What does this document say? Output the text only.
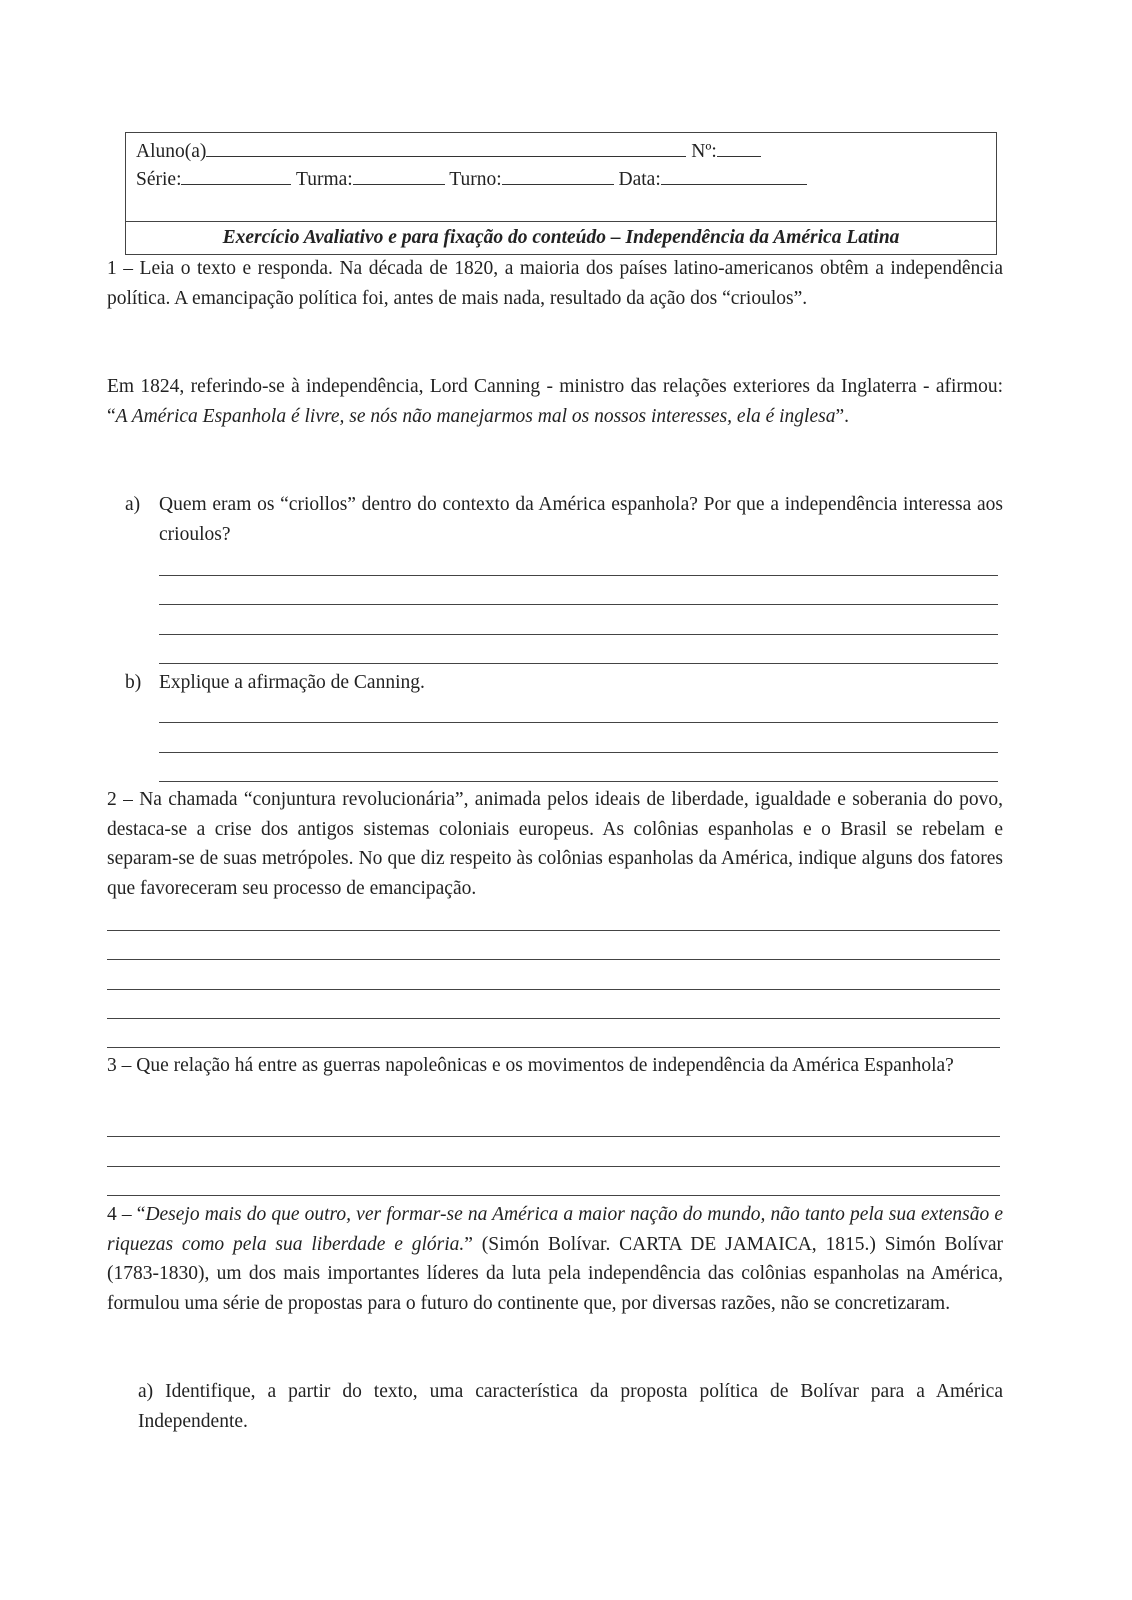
Aluno(a)	Nº:
Série:	Turma:	Turno:	Data:
Exercício Avaliativo e para fixação do conteúdo – Independência da América Latina
1 – Leia o texto e responda. Na década de 1820, a maioria dos países latino-americanos obtêm a independência política. A emancipação política foi, antes de mais nada, resultado da ação dos “crioulos”.
Em 1824, referindo-se à independência, Lord Canning - ministro das relações exteriores da Inglaterra - afirmou: “A América Espanhola é livre, se nós não manejarmos mal os nossos interesses, ela é inglesa”.
a) Quem eram os “criollos” dentro do contexto da América espanhola? Por que a independência interessa aos crioulos?
b) Explique a afirmação de Canning.
2 – Na chamada “conjuntura revolucionária”, animada pelos ideais de liberdade, igualdade e soberania do povo, destaca-se a crise dos antigos sistemas coloniais europeus. As colônias espanholas e o Brasil se rebelam e separam-se de suas metrópoles. No que diz respeito às colônias espanholas da América, indique alguns dos fatores que favoreceram seu processo de emancipação.
3 – Que relação há entre as guerras napoleônicas e os movimentos de independência da América Espanhola?
4 – “Desejo mais do que outro, ver formar-se na América a maior nação do mundo, não tanto pela sua extensão e riquezas como pela sua liberdade e glória.” (Simón Bolívar. CARTA DE JAMAICA, 1815.) Simón Bolívar (1783-1830), um dos mais importantes líderes da luta pela independência das colônias espanholas na América, formulou uma série de propostas para o futuro do continente que, por diversas razões, não se concretizaram.
a) Identifique, a partir do texto, uma característica da proposta política de Bolívar para a América Independente.
